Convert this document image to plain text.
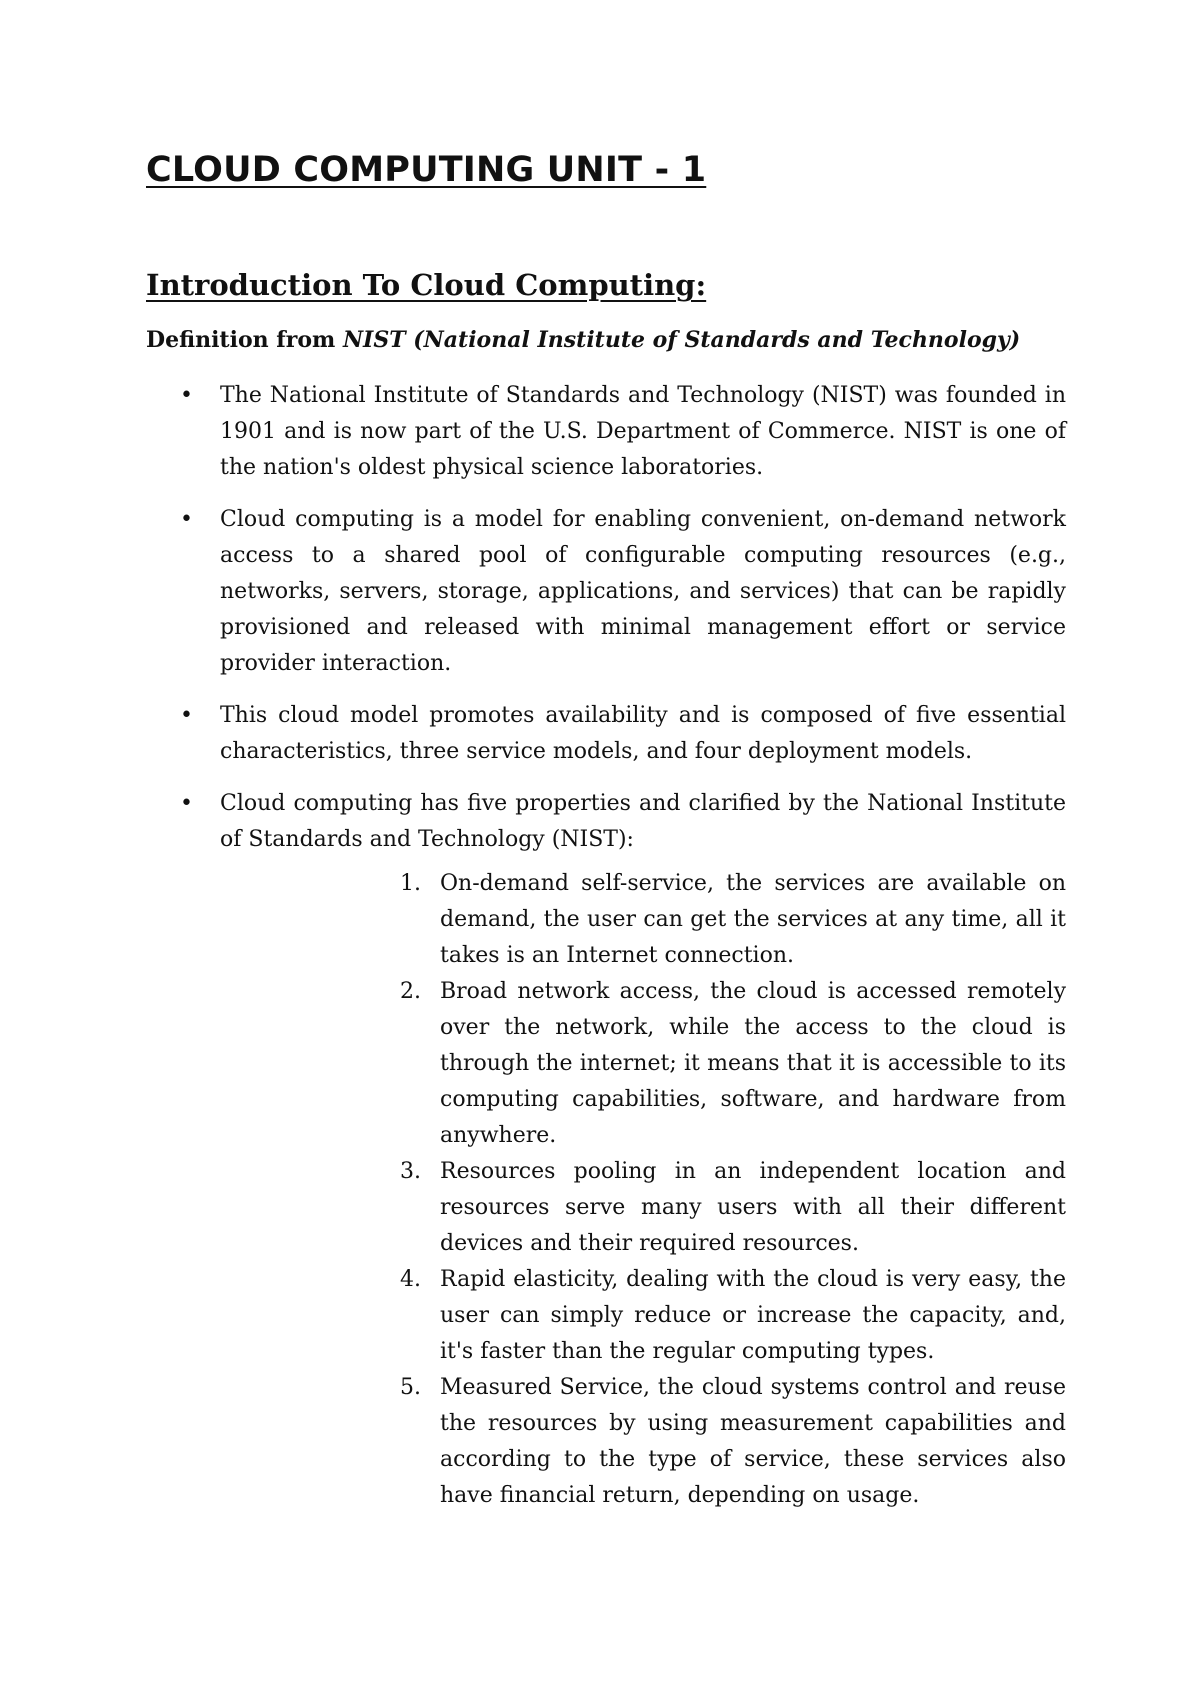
CLOUD COMPUTING UNIT - 1
Introduction To Cloud Computing:

Definition from NIST (National Institute of Standards and Technology)

• The National Institute of Standards and Technology (NIST) was founded in 1901 and is now part of the U.S. Department of Commerce. NIST is one of the nation's oldest physical science laboratories.
• Cloud computing is a model for enabling convenient, on-demand network access to a shared pool of configurable computing resources (e.g., networks, servers, storage, applications, and services) that can be rapidly provisioned and released with minimal management effort or service provider interaction.
• This cloud model promotes availability and is composed of five essential characteristics, three service models, and four deployment models.
• Cloud computing has five properties and clarified by the National Institute of Standards and Technology (NIST):
1. On-demand self-service, the services are available on demand, the user can get the services at any time, all it takes is an Internet connection.
2. Broad network access, the cloud is accessed remotely over the network, while the access to the cloud is through the internet; it means that it is accessible to its computing capabilities, software, and hardware from anywhere.
3. Resources pooling in an independent location and resources serve many users with all their different devices and their required resources.
4. Rapid elasticity, dealing with the cloud is very easy, the user can simply reduce or increase the capacity, and, it's faster than the regular computing types.
5. Measured Service, the cloud systems control and reuse the resources by using measurement capabilities and according to the type of service, these services also have financial return, depending on usage.
